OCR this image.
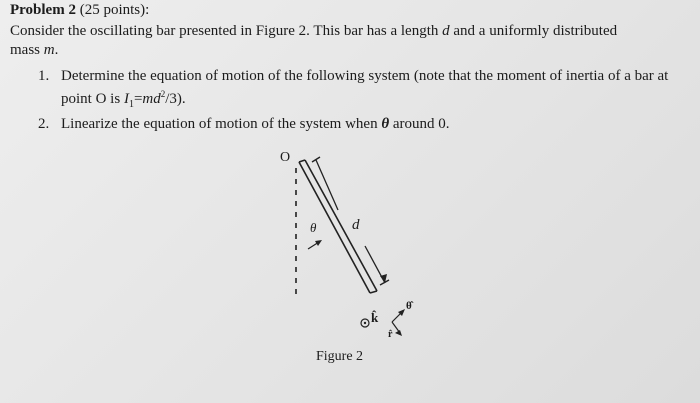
Problem 2 (25 points):
Consider the oscillating bar presented in Figure 2. This bar has a length d and a uniformly distributed
mass m.
1. Determine the equation of motion of the following system (note that the moment of inertia of a bar at point O is $I_1=md^2/3$).
2. Linearize the equation of motion of the system when θ around 0.
O
θ d
k̂
θ̂
r̂
Figure 2
